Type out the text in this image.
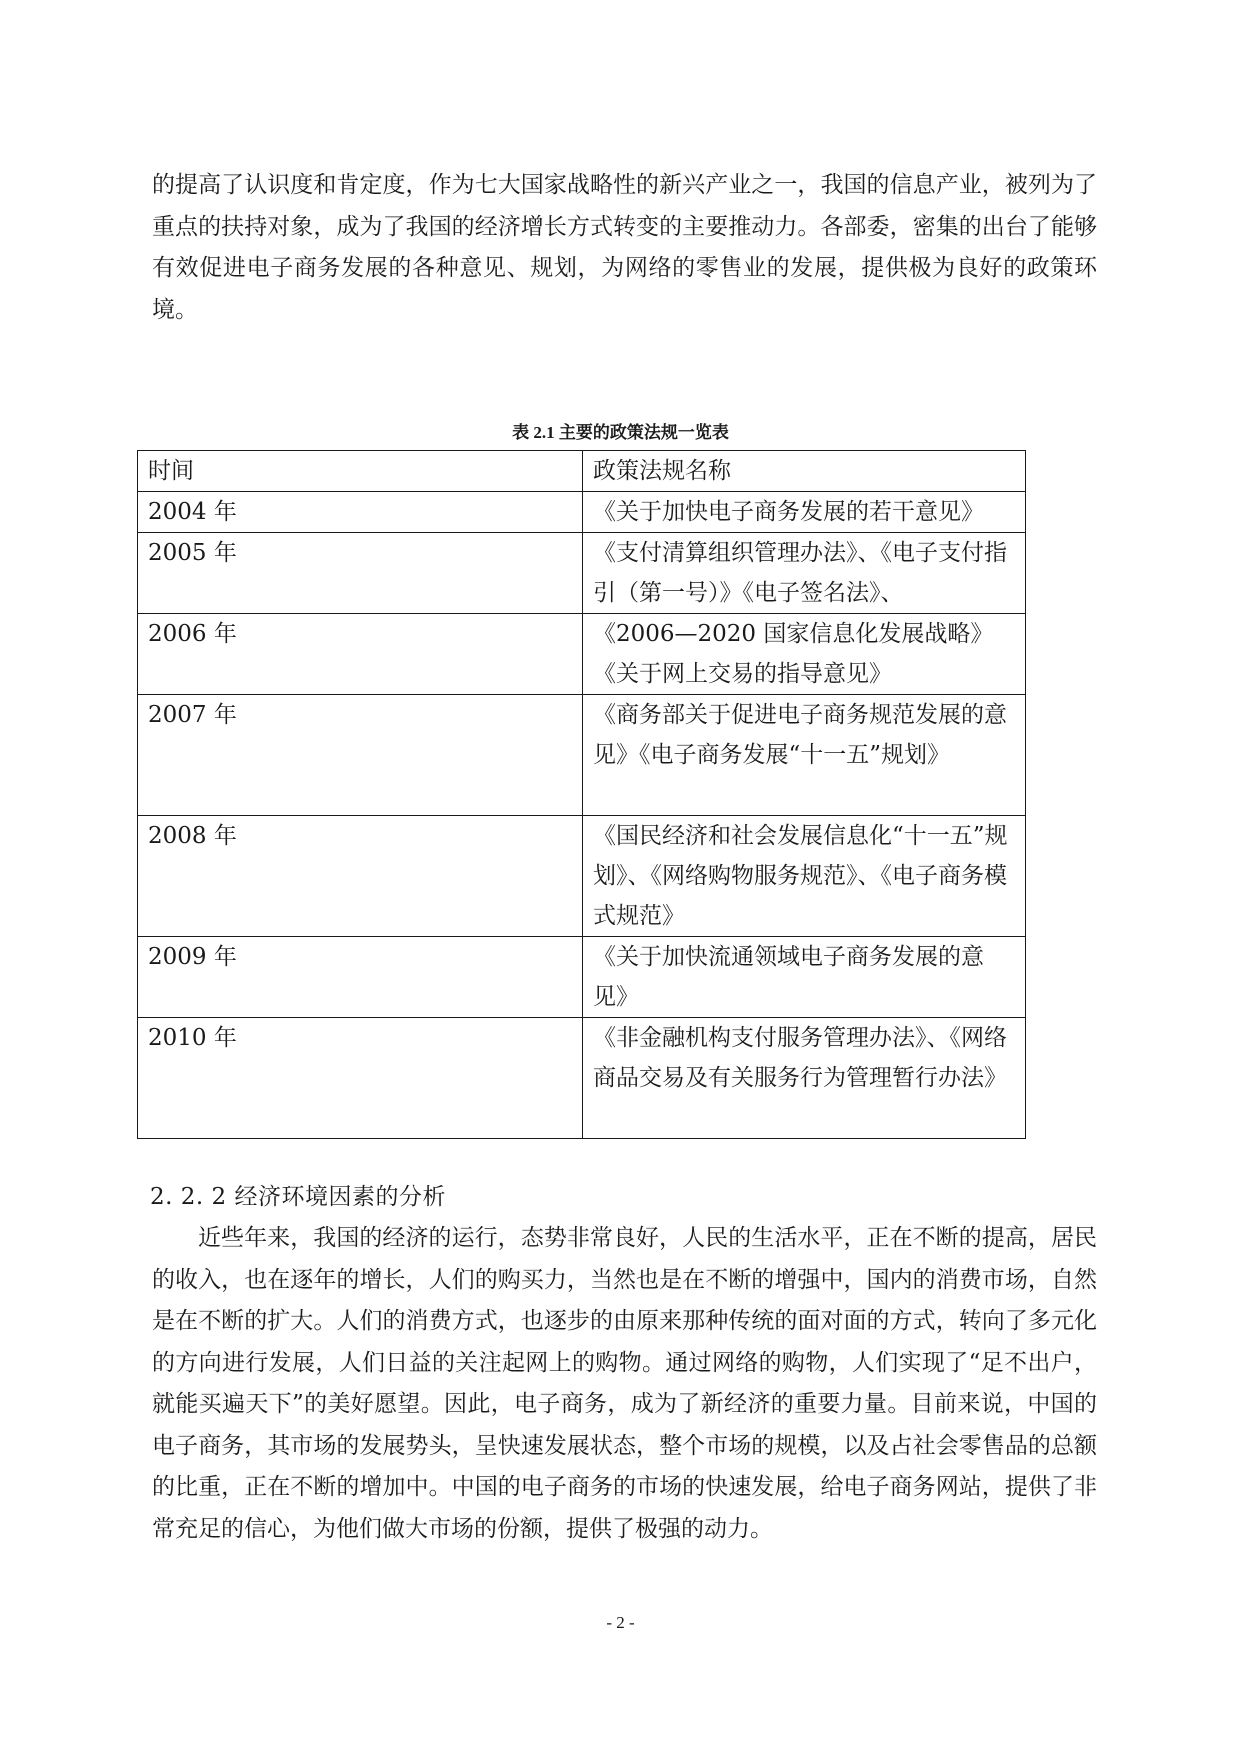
的提高了认识度和肯定度，作为七大国家战略性的新兴产业之一，我国的信息产业，被列为了重点的扶持对象，成为了我国的经济增长方式转变的主要推动力。各部委，密集的出台了能够有效促进电子商务发展的各种意见、规划，为网络的零售业的发展，提供极为良好的政策环境。

表 2.1 主要的政策法规一览表
时间	政策法规名称
2004 年	《关于加快电子商务发展的若干意见》
2005 年	《支付清算组织管理办法》、《电子支付指引（第一号）》《电子签名法》、
2006 年	《2006—2020 国家信息化发展战略》《关于网上交易的指导意见》
2007 年	《商务部关于促进电子商务规范发展的意见》《电子商务发展“十一五”规划》
2008 年	《国民经济和社会发展信息化“十一五”规划》、《网络购物服务规范》、《电子商务模式规范》
2009 年	《关于加快流通领域电子商务发展的意见》
2010 年	《非金融机构支付服务管理办法》、《网络商品交易及有关服务行为管理暂行办法》
2. 2. 2 经济环境因素的分析

近些年来，我国的经济的运行，态势非常良好，人民的生活水平，正在不断的提高，居民的收入，也在逐年的增长，人们的购买力，当然也是在不断的增强中，国内的消费市场，自然是在不断的扩大。人们的消费方式，也逐步的由原来那种传统的面对面的方式，转向了多元化的方向进行发展，人们日益的关注起网上的购物。通过网络的购物，人们实现了“足不出户，就能买遍天下”的美好愿望。因此，电子商务，成为了新经济的重要力量。目前来说，中国的电子商务，其市场的发展势头，呈快速发展状态，整个市场的规模，以及占社会零售品的总额的比重，正在不断的增加中。中国的电子商务的市场的快速发展，给电子商务网站，提供了非常充足的信心，为他们做大市场的份额，提供了极强的动力。

- 2 -
